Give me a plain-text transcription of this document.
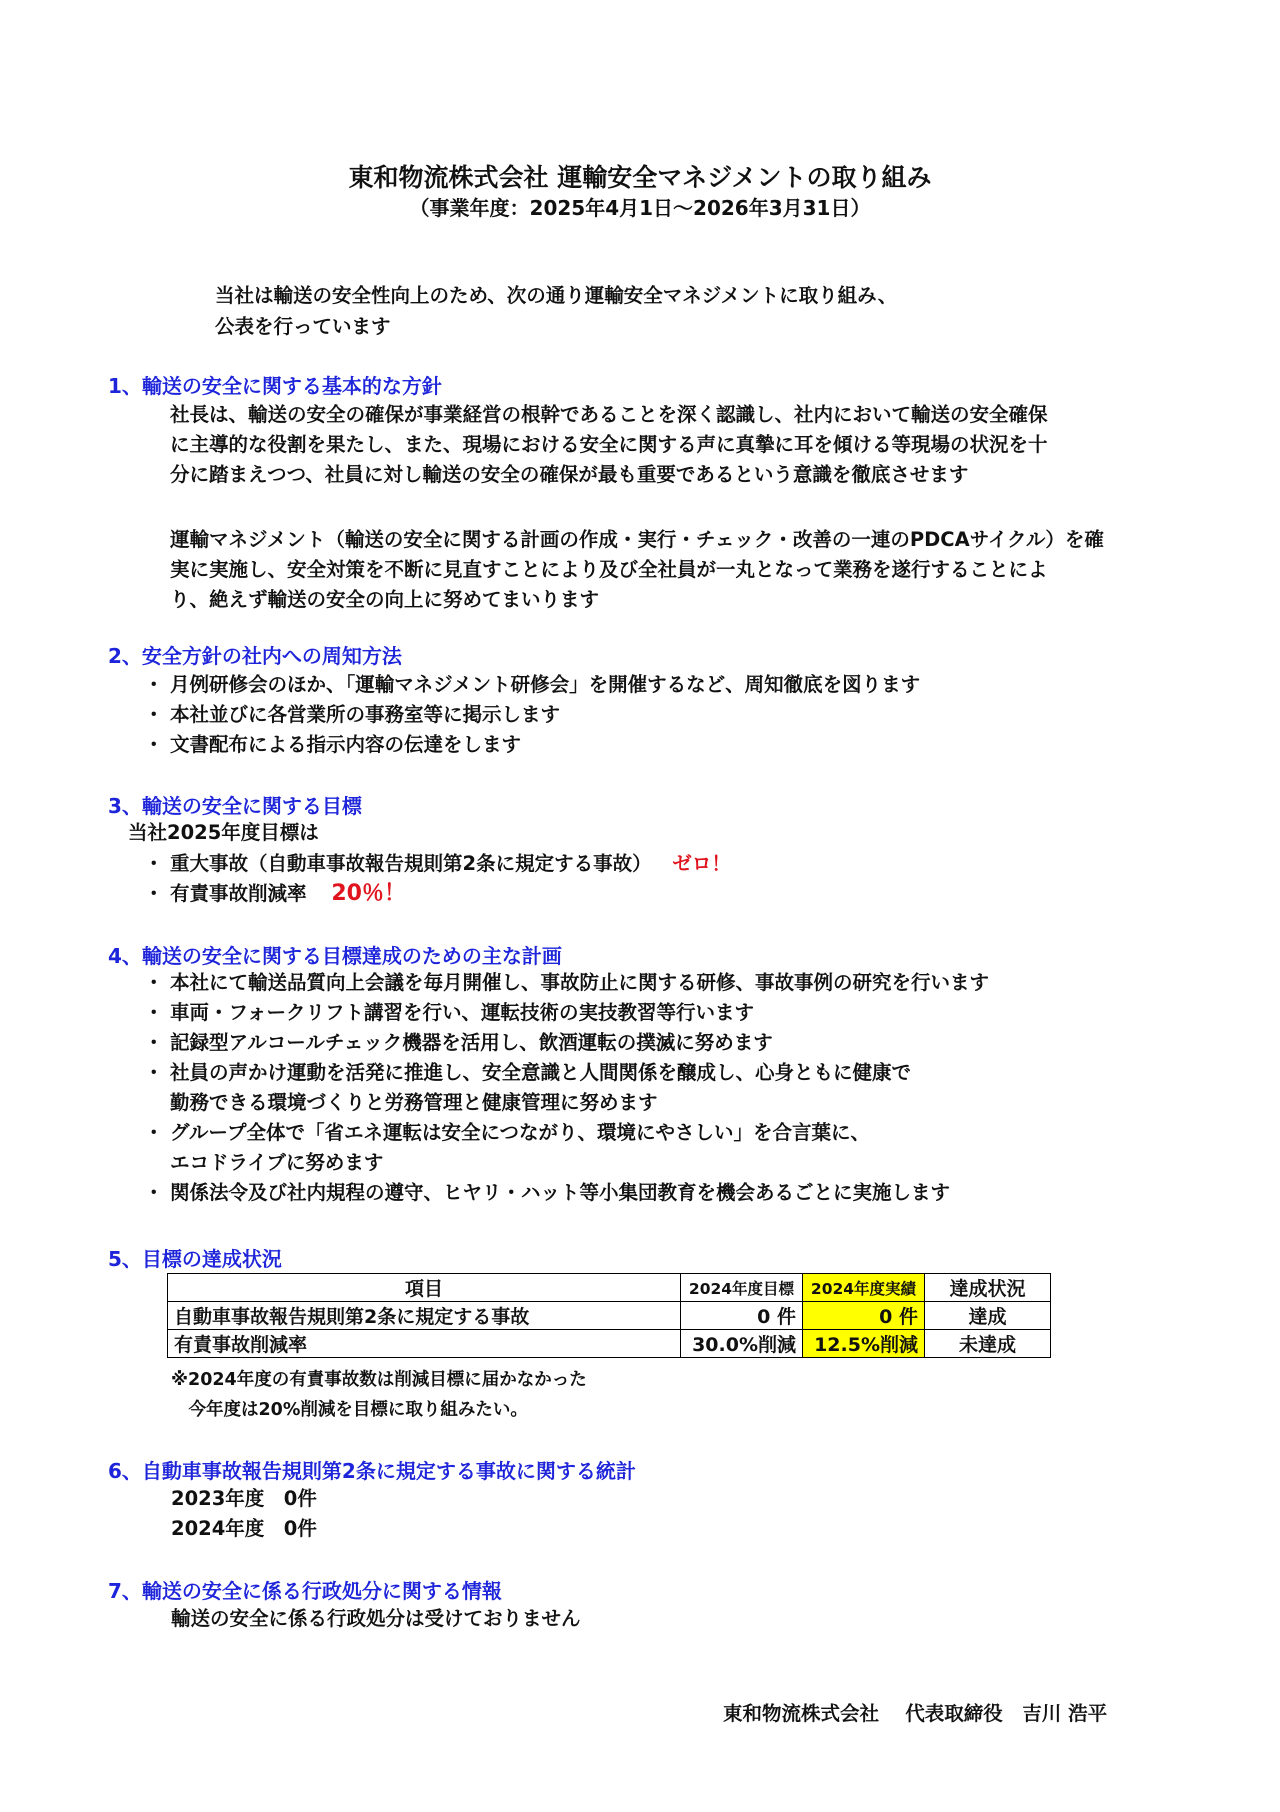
東和物流株式会社 運輸安全マネジメントの取り組み
（事業年度：2025年4月1日～2026年3月31日）
当社は輸送の安全性向上のため、次の通り運輸安全マネジメントに取り組み、
公表を行っています
1、輸送の安全に関する基本的な方針
社長は、輸送の安全の確保が事業経営の根幹であることを深く認識し、社内において輸送の安全確保
に主導的な役割を果たし、また、現場における安全に関する声に真摯に耳を傾ける等現場の状況を十
分に踏まえつつ、社員に対し輸送の安全の確保が最も重要であるという意識を徹底させます
運輸マネジメント（輸送の安全に関する計画の作成・実行・チェック・改善の一連のPDCAサイクル）を確
実に実施し、安全対策を不断に見直すことにより及び全社員が一丸となって業務を遂行することによ
り、絶えず輸送の安全の向上に努めてまいります
2、安全方針の社内への周知方法
・ 月例研修会のほか、「運輸マネジメント研修会」を開催するなど、周知徹底を図ります
・ 本社並びに各営業所の事務室等に掲示します
・ 文書配布による指示内容の伝達をします
3、輸送の安全に関する目標
当社2025年度目標は
・ 重大事故（自動車事故報告規則第2条に規定する事故） ゼロ！
・ 有責事故削減率 20％！
4、輸送の安全に関する目標達成のための主な計画
・ 本社にて輸送品質向上会議を毎月開催し、事故防止に関する研修、事故事例の研究を行います
・ 車両・フォークリフト講習を行い、運転技術の実技教習等行います
・ 記録型アルコールチェック機器を活用し、飲酒運転の撲滅に努めます
・ 社員の声かけ運動を活発に推進し、安全意識と人間関係を醸成し、心身ともに健康で
勤務できる環境づくりと労務管理と健康管理に努めます
・ グループ全体で「省エネ運転は安全につながり、環境にやさしい」を合言葉に、
エコドライブに努めます
・ 関係法令及び社内規程の遵守、ヒヤリ・ハット等小集団教育を機会あるごとに実施します
5、目標の達成状況
項目	2024年度目標	2024年度実績	達成状況
自動車事故報告規則第2条に規定する事故	0 件	0 件	達成
有責事故削減率	30.0%削減	12.5%削減	未達成
※2024年度の有責事故数は削減目標に届かなかった
　今年度は20%削減を目標に取り組みたい。
6、自動車事故報告規則第2条に規定する事故に関する統計
2023年度　0件
2024年度　0件
7、輸送の安全に係る行政処分に関する情報
輸送の安全に係る行政処分は受けておりません
東和物流株式会社　 代表取締役　吉川 浩平
